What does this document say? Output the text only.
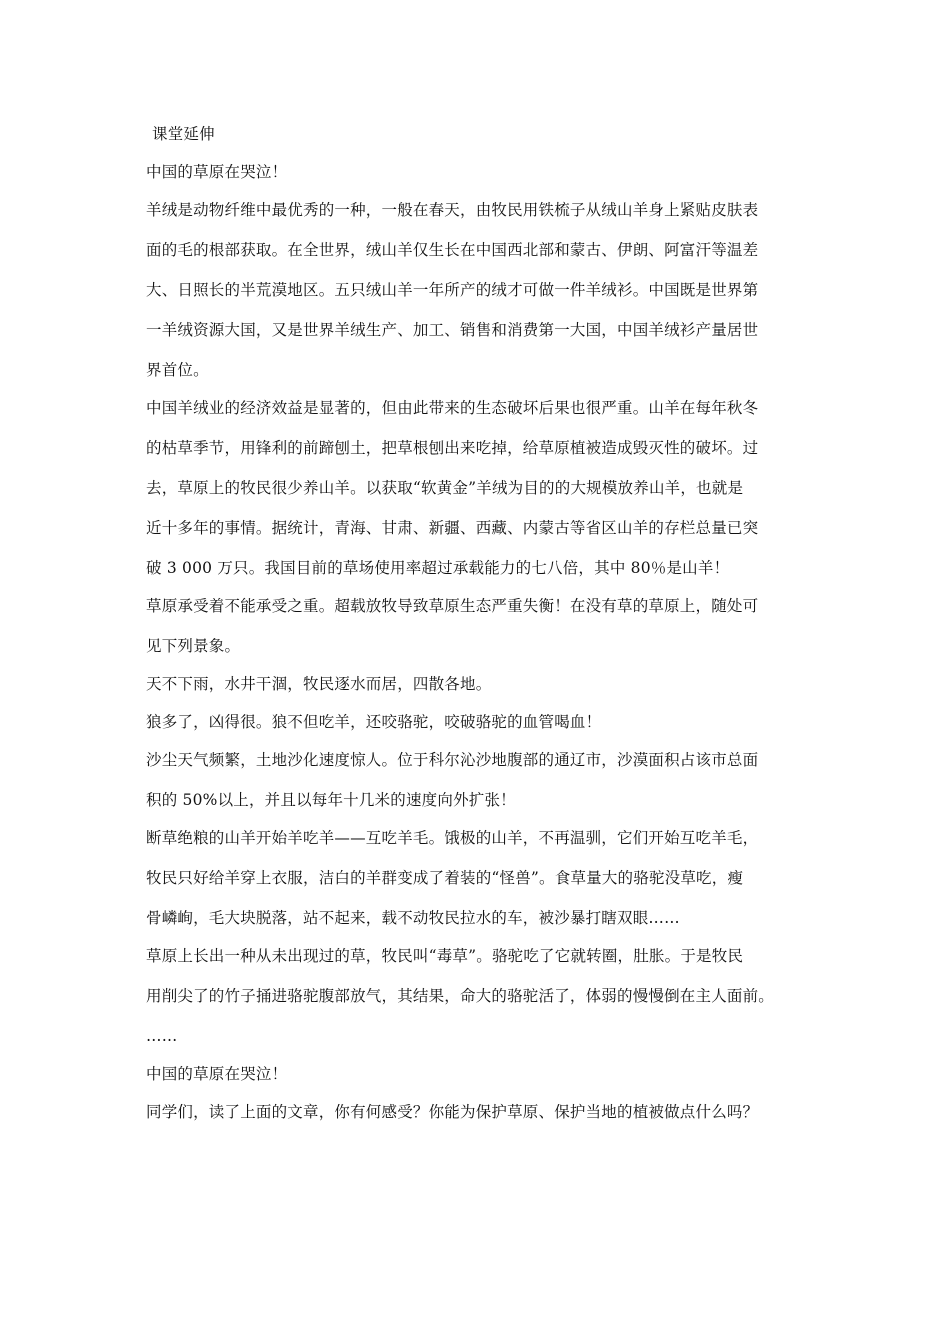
课堂延伸
中国的草原在哭泣！
羊绒是动物纤维中最优秀的一种，一般在春天，由牧民用铁梳子从绒山羊身上紧贴皮肤表
面的毛的根部获取。在全世界，绒山羊仅生长在中国西北部和蒙古、伊朗、阿富汗等温差
大、日照长的半荒漠地区。五只绒山羊一年所产的绒才可做一件羊绒衫。中国既是世界第
一羊绒资源大国，又是世界羊绒生产、加工、销售和消费第一大国，中国羊绒衫产量居世
界首位。
中国羊绒业的经济效益是显著的，但由此带来的生态破坏后果也很严重。山羊在每年秋冬
的枯草季节，用锋利的前蹄刨土，把草根刨出来吃掉，给草原植被造成毁灭性的破坏。过
去，草原上的牧民很少养山羊。以获取“软黄金”羊绒为目的的大规模放养山羊，也就是
近十多年的事情。据统计，青海、甘肃、新疆、西藏、内蒙古等省区山羊的存栏总量已突
破 3 000 万只。我国目前的草场使用率超过承载能力的七八倍，其中 80％是山羊！
草原承受着不能承受之重。超载放牧导致草原生态严重失衡！在没有草的草原上，随处可
见下列景象。
天不下雨，水井干涸，牧民逐水而居，四散各地。
狼多了，凶得很。狼不但吃羊，还咬骆驼，咬破骆驼的血管喝血！
沙尘天气频繁，土地沙化速度惊人。位于科尔沁沙地腹部的通辽市，沙漠面积占该市总面
积的 50%以上，并且以每年十几米的速度向外扩张！
断草绝粮的山羊开始羊吃羊——互吃羊毛。饿极的山羊，不再温驯，它们开始互吃羊毛，
牧民只好给羊穿上衣服，洁白的羊群变成了着装的“怪兽”。食草量大的骆驼没草吃，瘦
骨嶙峋，毛大块脱落，站不起来，载不动牧民拉水的车，被沙暴打瞎双眼……
草原上长出一种从未出现过的草，牧民叫“毒草”。骆驼吃了它就转圈，肚胀。于是牧民
用削尖了的竹子捅进骆驼腹部放气，其结果，命大的骆驼活了，体弱的慢慢倒在主人面前。
……
中国的草原在哭泣！
同学们，读了上面的文章，你有何感受？你能为保护草原、保护当地的植被做点什么吗？
